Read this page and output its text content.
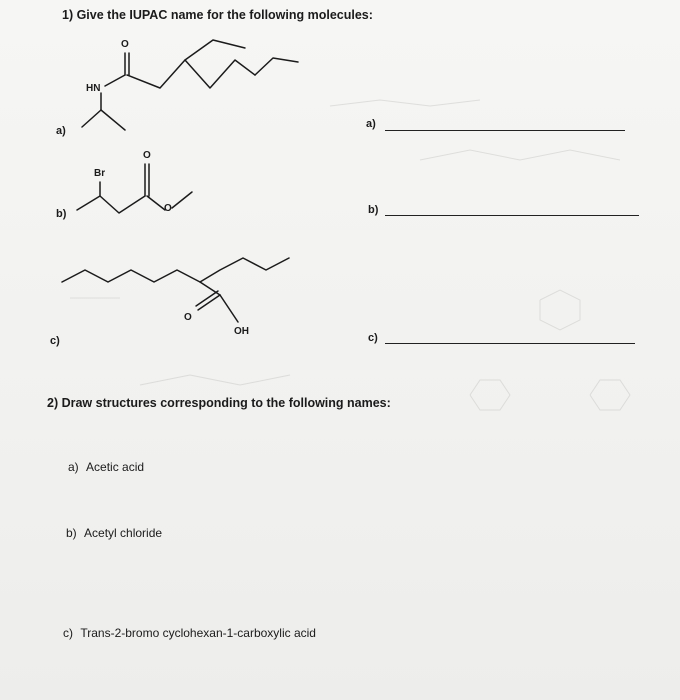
1) Give the IUPAC name for the following molecules:
O
HN
Br
O
O
O
OH
a)
b)
c)
a)
b)
c)
2) Draw structures corresponding to the following names:
a) Acetic acid
b) Acetyl chloride
c) Trans-2-bromo cyclohexan-1-carboxylic acid
